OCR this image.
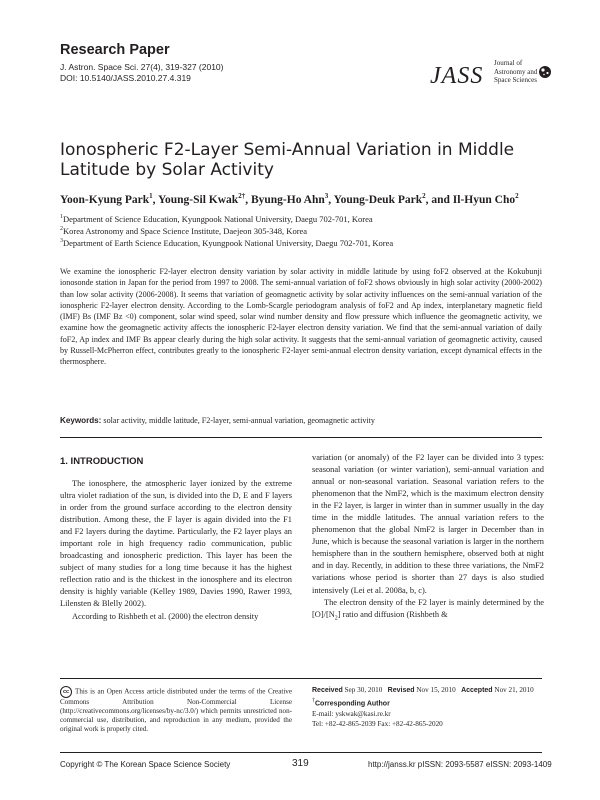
Research Paper
J. Astron. Space Sci. 27(4), 319-327 (2010)
DOI: 10.5140/JASS.2010.27.4.319	JASS Journal of
Astronomy and
Space Sciences
Ionospheric F2-Layer Semi-Annual Variation in Middle Latitude by Solar Activity
Yoon-Kyung Park$^1$, Young-Sil Kwak$^{2\dagger}$, Byung-Ho Ahn$^3$, Young-Deuk Park$^2$, and Il-Hyun Cho$^2$
$^1$Department of Science Education, Kyungpook National University, Daegu 702-701, Korea
$^2$Korea Astronomy and Space Science Institute, Daejeon 305-348, Korea
$^3$Department of Earth Science Education, Kyungpook National University, Daegu 702-701, Korea
We examine the ionospheric F2-layer electron density variation by solar activity in middle latitude by using foF2 observed at the Kokubunji ionosonde station in Japan for the period from 1997 to 2008. The semi-annual variation of foF2 shows obviously in high solar activity (2000-2002) than low solar activity (2006-2008). It seems that variation of geomagnetic activity by solar activity influences on the semi-annual variation of the ionospheric F2-layer electron density. According to the Lomb-Scargle periodogram analysis of foF2 and Ap index, interplanetary magnetic field (IMF) Bs (IMF Bz <0) component, solar wind speed, solar wind number density and flow pressure which influence the geomagnetic activity, we examine how the geomagnetic activity affects the ionospheric F2-layer electron density variation. We find that the semi-annual variation of daily foF2, Ap index and IMF Bs appear clearly during the high solar activity. It suggests that the semi-annual variation of geomagnetic activity, caused by Russell-McPherron effect, contributes greatly to the ionospheric F2-layer semi-annual electron density variation, except dynamical effects in the thermosphere.
Keywords: solar activity, middle latitude, F2-layer, semi-annual variation, geomagnetic activity
1. INTRODUCTION

The ionosphere, the atmospheric layer ionized by the extreme ultra violet radiation of the sun, is divided into the D, E and F layers in order from the ground surface according to the electron density distribution. Among these, the F layer is again divided into the F1 and F2 layers during the daytime. Particularly, the F2 layer plays an important role in high frequency radio communication, public broadcasting and ionospheric prediction. This layer has been the subject of many studies for a long time because it has the highest reflection ratio and is the thickest in the ionosphere and its electron density is highly variable (Kelley 1989, Davies 1990, Rawer 1993, Lilensten & Blelly 2002).

According to Rishbeth et al. (2000) the electron density

variation (or anomaly) of the F2 layer can be divided into 3 types: seasonal variation (or winter variation), semi-annual variation and annual or non-seasonal variation. Seasonal variation refers to the phenomenon that the NmF2, which is the maximum electron density in the F2 layer, is larger in winter than in summer usually in the day time in the middle latitudes. The annual variation refers to the phenomenon that the global NmF2 is larger in December than in June, which is because the seasonal variation is larger in the northern hemisphere than in the southern hemisphere, observed both at night and in day. Recently, in addition to these three variations, the NmF2 variations whose period is shorter than 27 days is also studied intensively (Lei et al. 2008a, b, c).

The electron density of the F2 layer is mainly determined by the $[O]/[N_2]$ ratio and diffusion (Rishbeth &

cc This is an Open Access article distributed under the terms of the Creative Commons Attribution Non-Commercial License (http://creativecommons.org/licenses/by-nc/3.0/) which permits unrestricted non-commercial use, distribution, and reproduction in any medium, provided the original work is properly cited.
Received Sep 30, 2010 Revised Nov 15, 2010 Accepted Nov 21, 2010
†Corresponding Author
E-mail: yskwak@kasi.re.kr
Tel: +82-42-865-2039 Fax: +82-42-865-2020
Copyright © The Korean Space Science Society	319	http://janss.kr pISSN: 2093-5587 eISSN: 2093-1409
